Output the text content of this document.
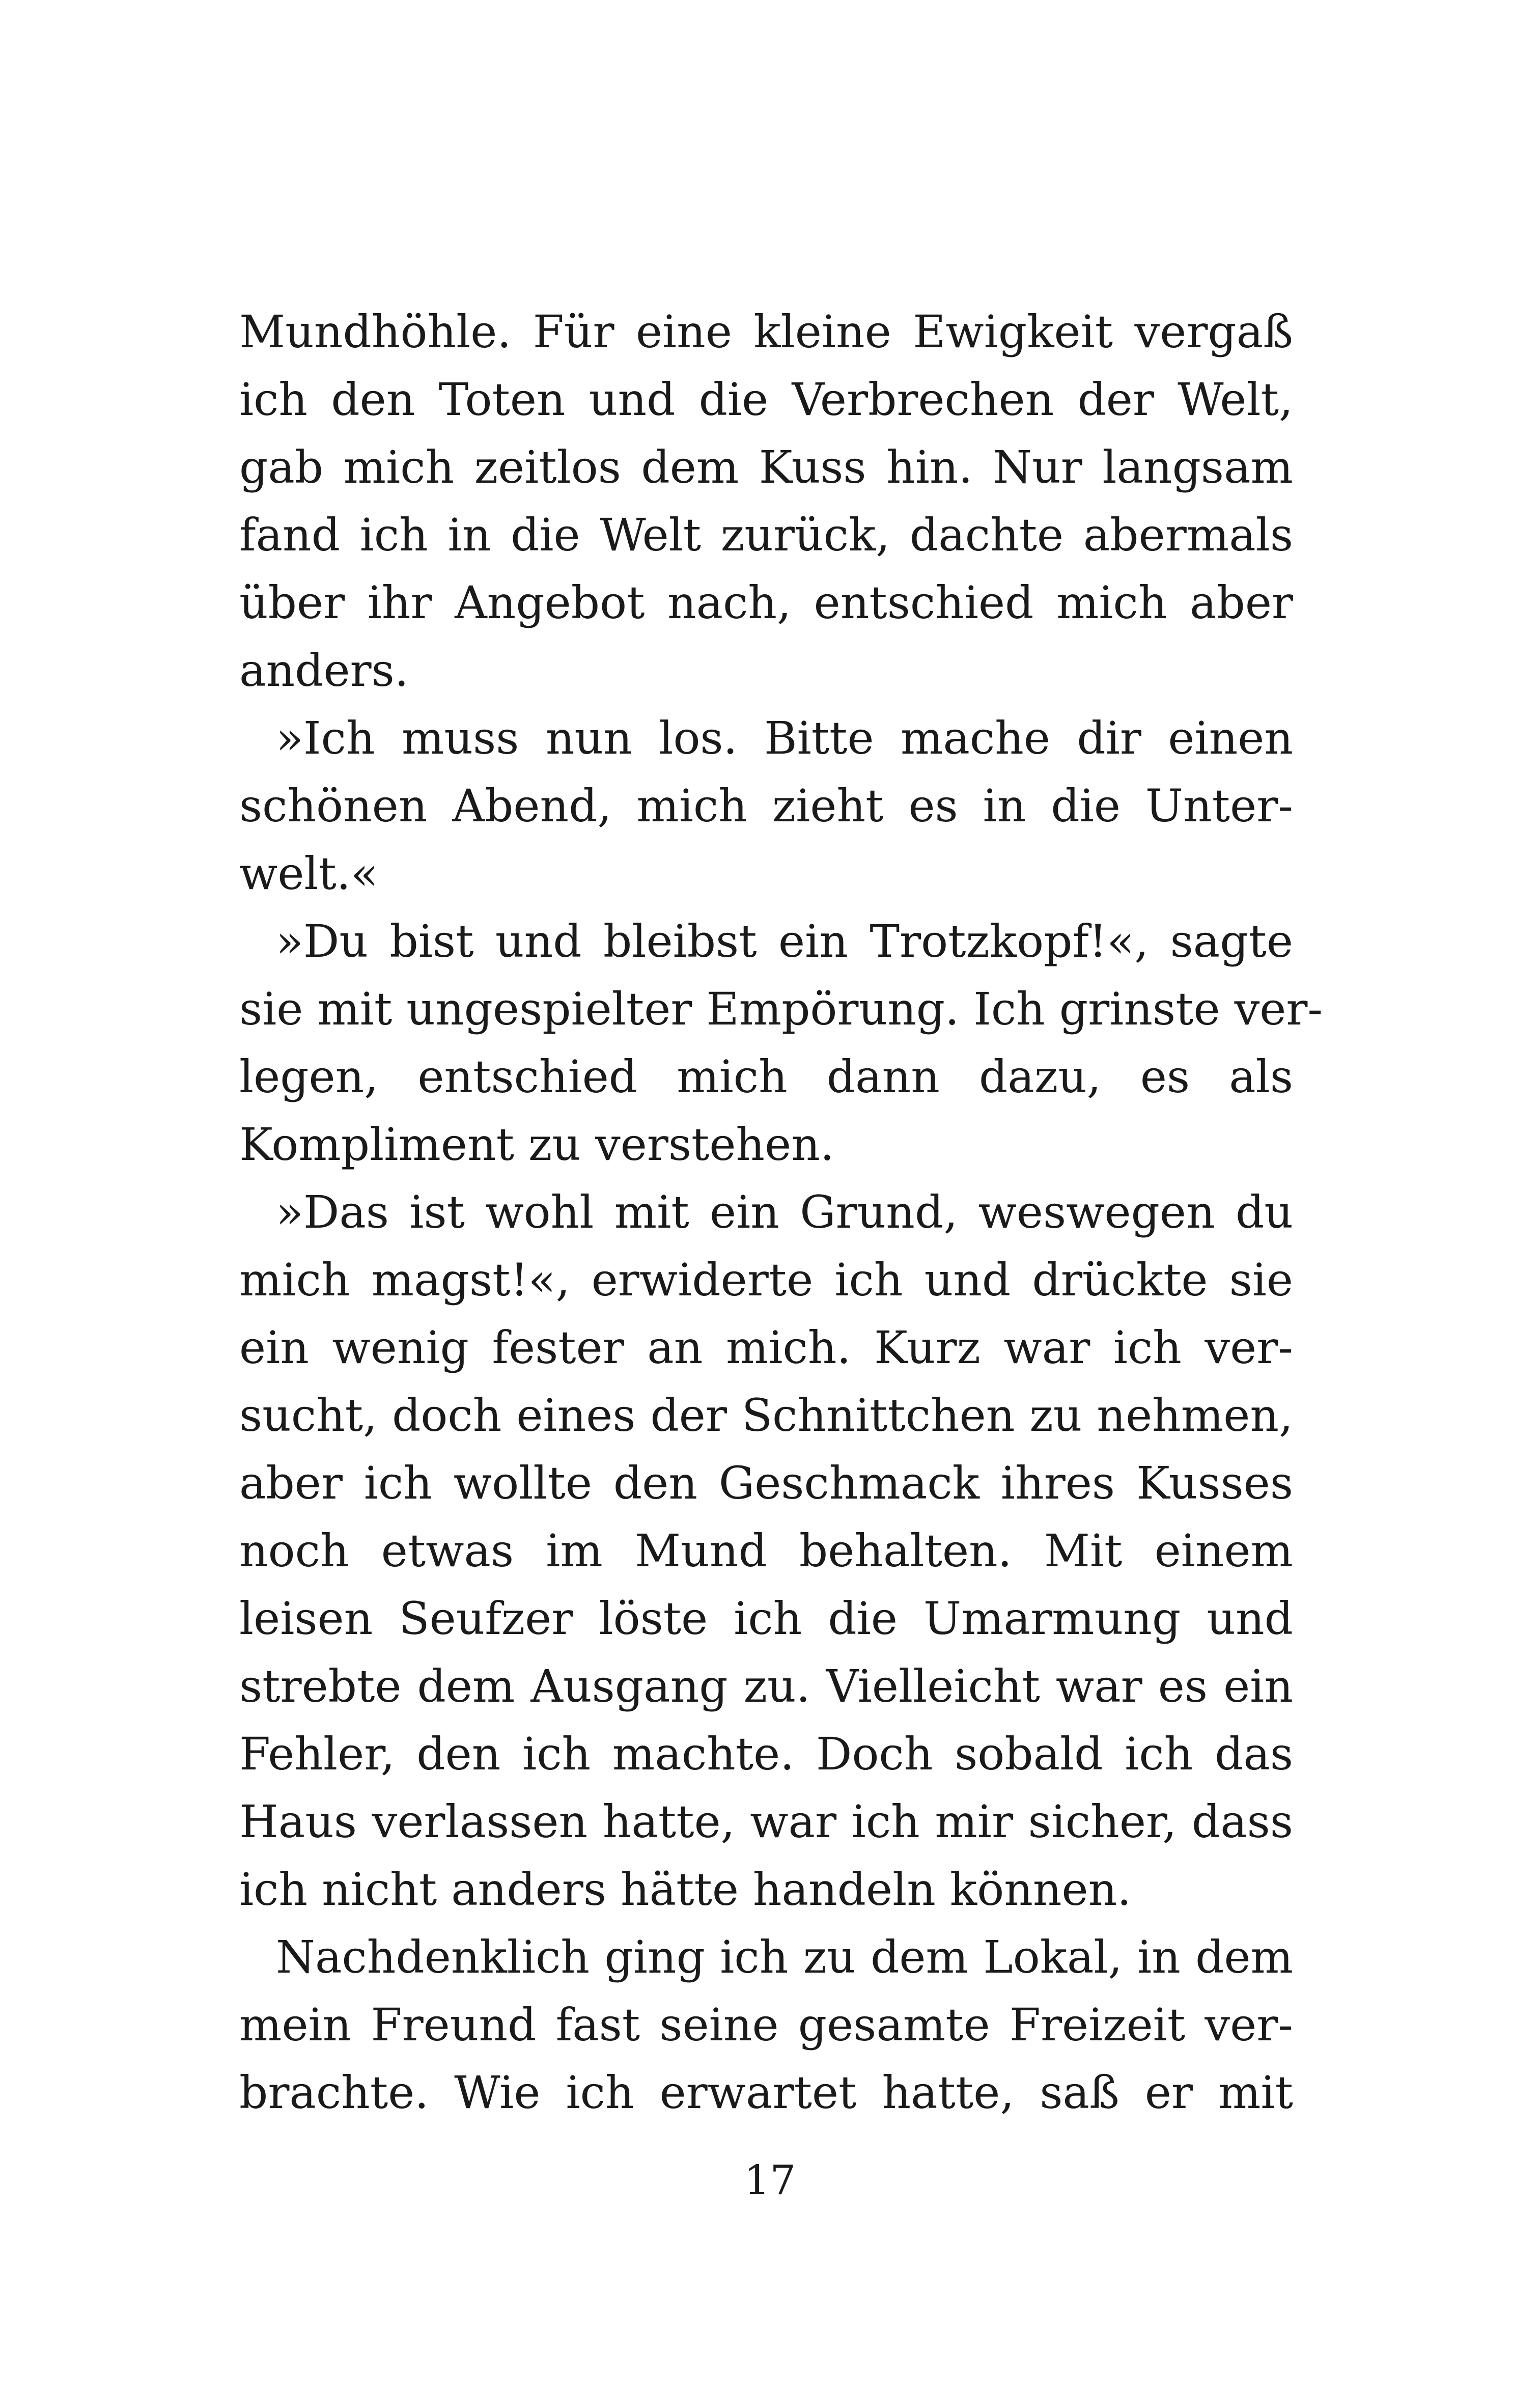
Mundhöhle. Für eine kleine Ewigkeit vergaß
ich den Toten und die Verbrechen der Welt,
gab mich zeitlos dem Kuss hin. Nur langsam
fand ich in die Welt zurück, dachte abermals
über ihr Angebot nach, entschied mich aber
anders.

»Ich muss nun los. Bitte mache dir einen
schönen Abend, mich zieht es in die Unter-
welt.«

»Du bist und bleibst ein Trotzkopf!«, sagte
sie mit ungespielter Empörung. Ich grinste ver-
legen, entschied mich dann dazu, es als
Kompliment zu verstehen.

»Das ist wohl mit ein Grund, weswegen du
mich magst!«, erwiderte ich und drückte sie
ein wenig fester an mich. Kurz war ich ver-
sucht, doch eines der Schnittchen zu nehmen,
aber ich wollte den Geschmack ihres Kusses
noch etwas im Mund behalten. Mit einem
leisen Seufzer löste ich die Umarmung und
strebte dem Ausgang zu. Vielleicht war es ein
Fehler, den ich machte. Doch sobald ich das
Haus verlassen hatte, war ich mir sicher, dass
ich nicht anders hätte handeln können.

Nachdenklich ging ich zu dem Lokal, in dem
mein Freund fast seine gesamte Freizeit ver-
brachte. Wie ich erwartet hatte, saß er mit

17
